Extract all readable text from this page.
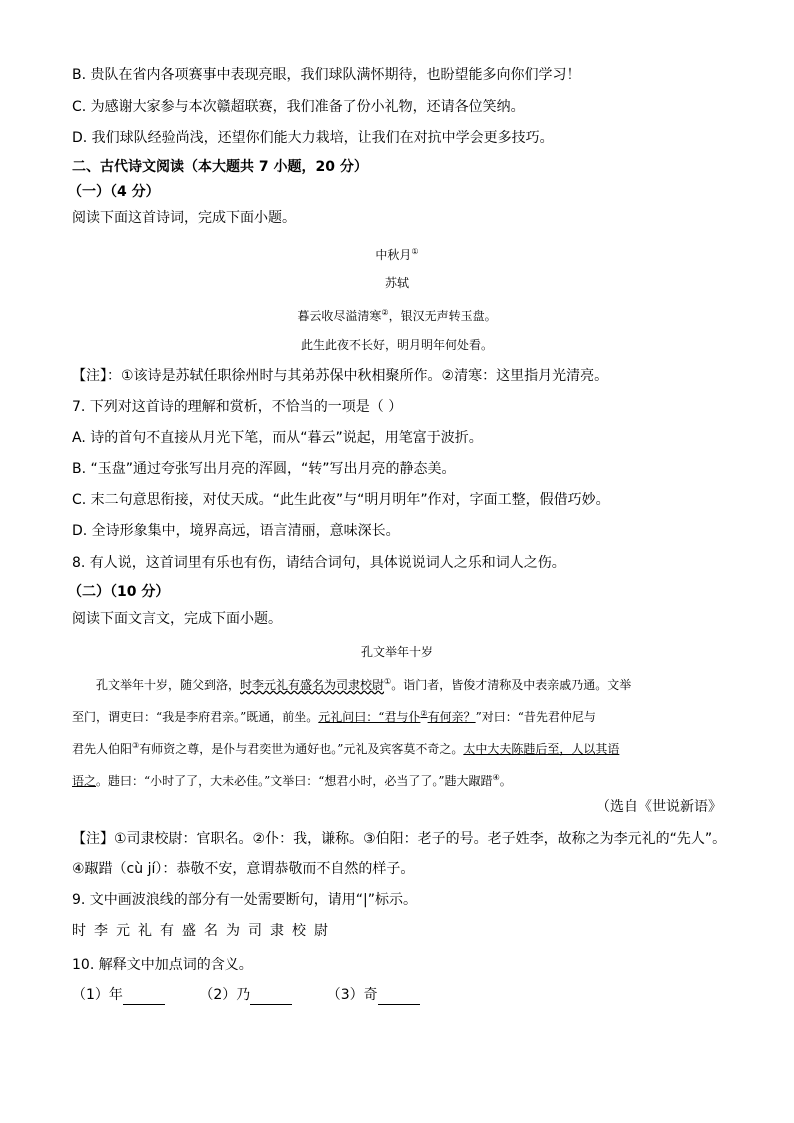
B. 贵队在省内各项赛事中表现亮眼，我们球队满怀期待，也盼望能多向你们学习！
C. 为感谢大家参与本次赣超联赛，我们准备了份小礼物，还请各位笑纳。
D. 我们球队经验尚浅，还望你们能大力栽培，让我们在对抗中学会更多技巧。
二、古代诗文阅读（本大题共 7 小题，20 分）
（一）（4 分）
阅读下面这首诗词，完成下面小题。
中秋月①
苏轼
暮云收尽溢清寒②，银汉无声转玉盘。
此生此夜不长好，明月明年何处看。
【注】：①该诗是苏轼任职徐州时与其弟苏保中秋相聚所作。②清寒：这里指月光清亮。
7. 下列对这首诗的理解和赏析，不恰当的一项是（ ）
A. 诗的首句不直接从月光下笔，而从“暮云”说起，用笔富于波折。
B. “玉盘”通过夸张写出月亮的浑圆，“转”写出月亮的静态美。
C. 末二句意思衔接，对仗天成。“此生此夜”与“明月明年”作对，字面工整，假借巧妙。
D. 全诗形象集中，境界高远，语言清丽，意味深长。
8. 有人说，这首词里有乐也有伤，请结合词句，具体说说词人之乐和词人之伤。
（二）（10 分）
阅读下面文言文，完成下面小题。
孔文举年十岁
孔文举年十岁，随父到洛，时李元礼有盛名为司隶校尉①。诣门者，皆俊才清称及中表亲戚乃通。文举
至门，谓吏曰：“我是李府君亲。”既通，前坐。元礼问曰：“君与仆②有何亲？”对曰：“昔先君仲尼与
君先人伯阳③有师资之尊，是仆与君奕世为通好也。”元礼及宾客莫不奇之。太中大夫陈韪后至，人以其语
语之。韪曰：“小时了了，大未必佳。”文举曰：“想君小时，必当了了。”韪大踧踖④。
（选自《世说新语》
【注】①司隶校尉：官职名。②仆：我，谦称。③伯阳：老子的号。老子姓李，故称之为李元礼的“先人”。
④踧踖（cù jí）：恭敬不安，意谓恭敬而不自然的样子。
9. 文中画波浪线的部分有一处需要断句，请用“|”标示。
时李元礼有盛名为司隶校尉
10. 解释文中加点词的含义。
（1）年	（2）乃	（3）奇
